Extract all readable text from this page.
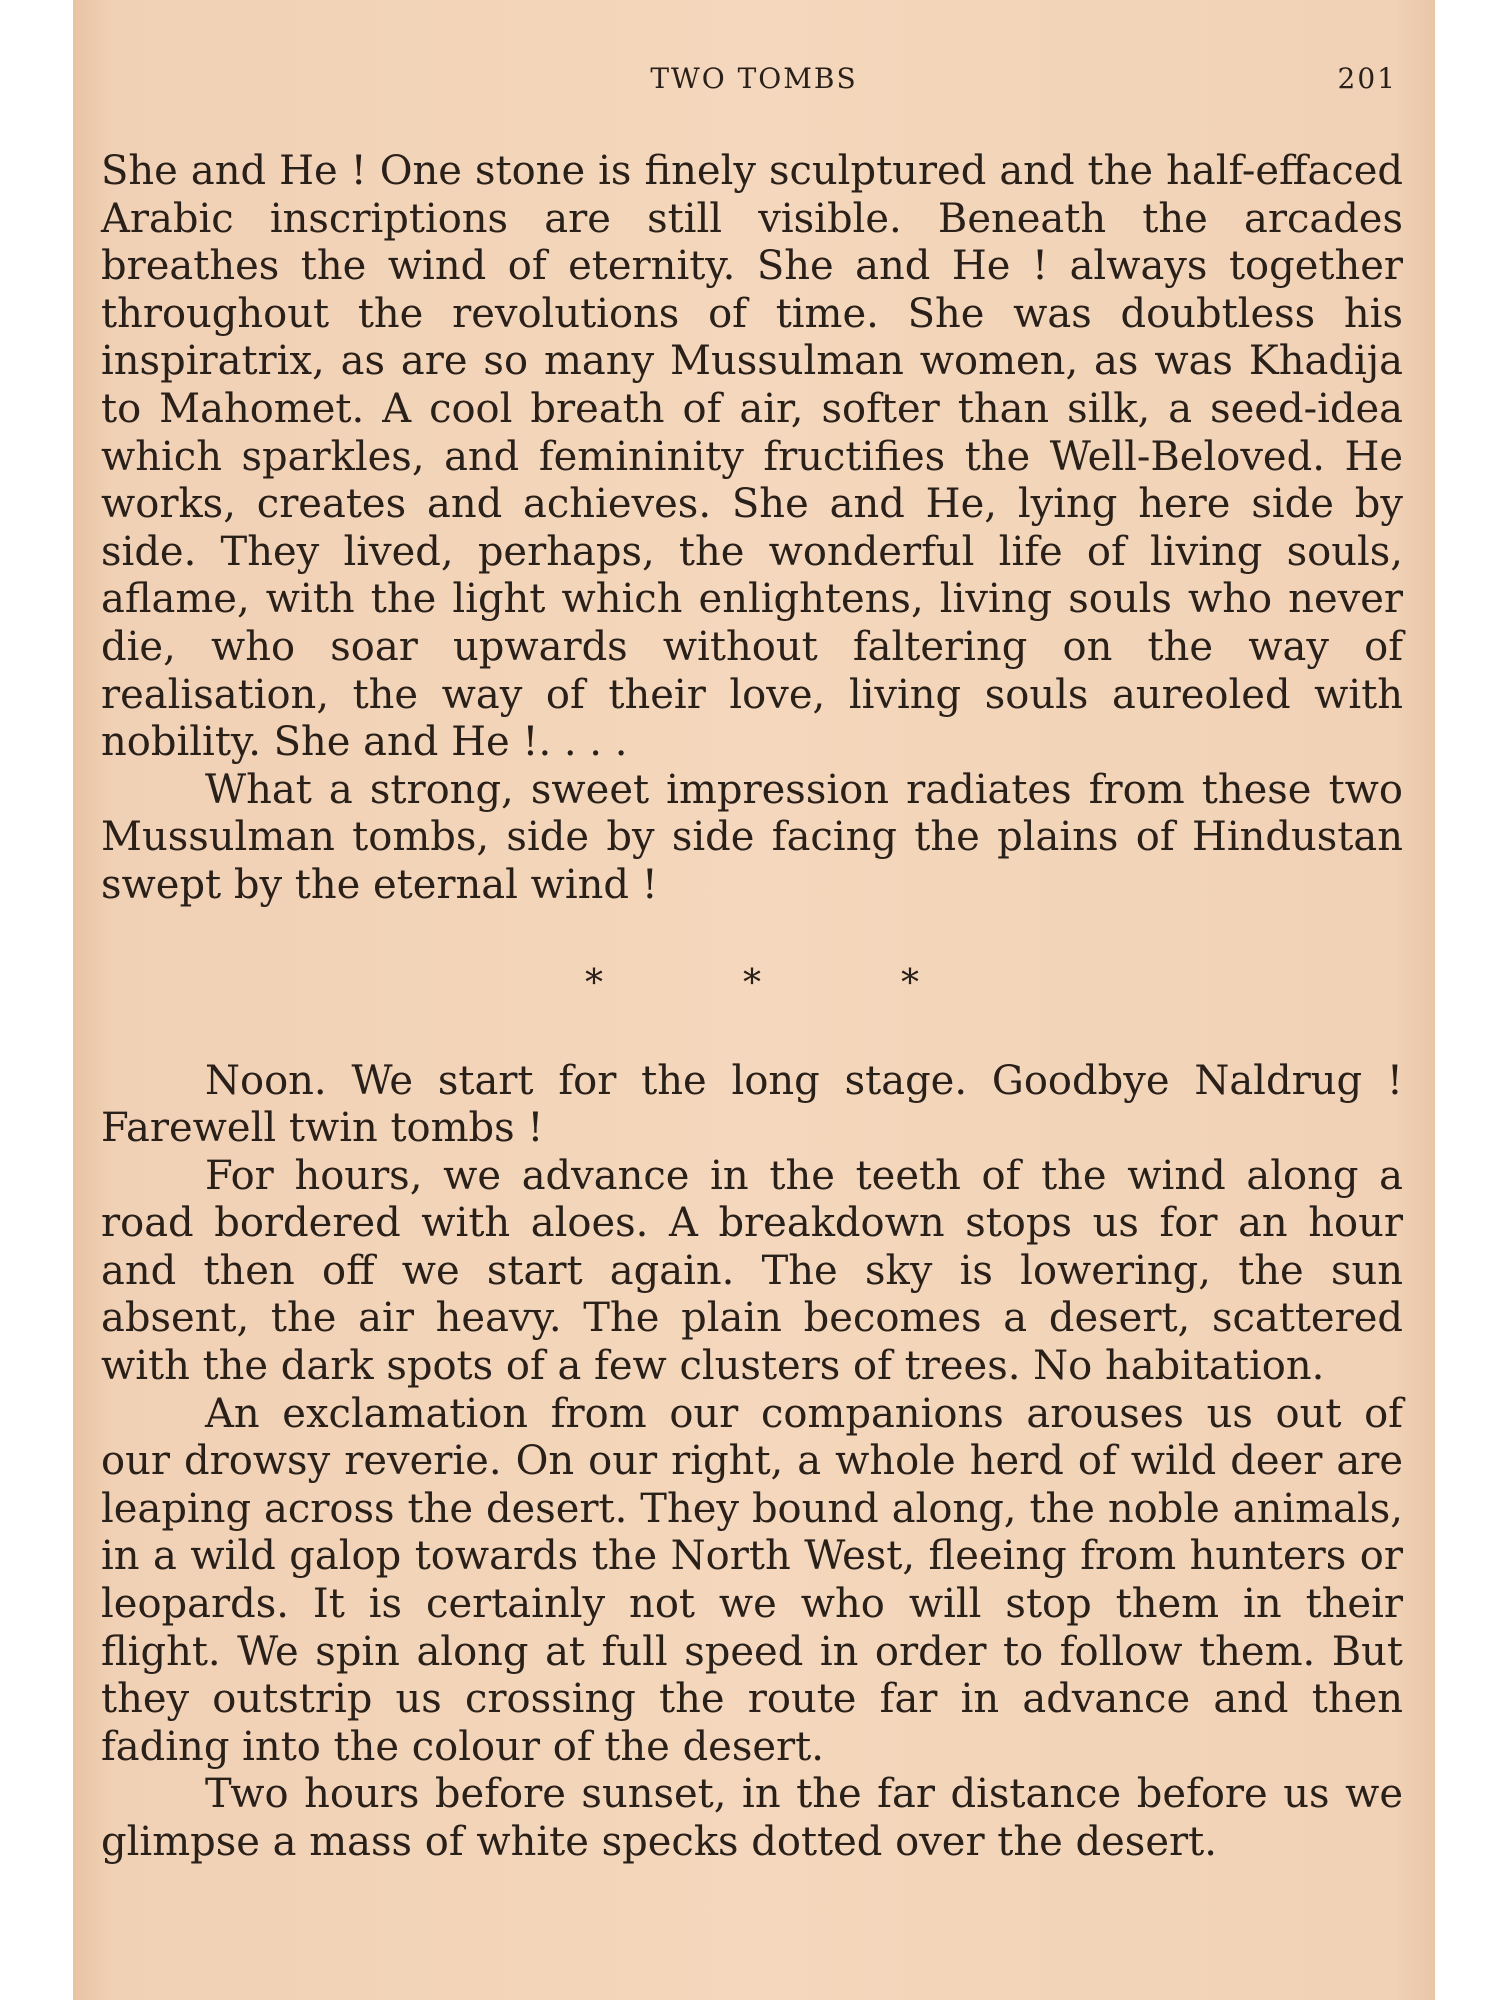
TWO TOMBS	201

She and He ! One stone is finely sculptured and the half-effaced Arabic inscriptions are still visible. Beneath the arcades breathes the wind of eternity. She and He ! always together throughout the revolutions of time. She was doubtless his inspiratrix, as are so many Mussulman women, as was Khadija to Mahomet. A cool breath of air, softer than silk, a seed-idea which sparkles, and femininity fructifies the Well-Beloved. He works, creates and achieves. She and He, lying here side by side. They lived, perhaps, the wonderful life of living souls, aflame, with the light which enlightens, living souls who never die, who soar upwards without faltering on the way of realisation, the way of their love, living souls aureoled with nobility. She and He !. . . .

What a strong, sweet impression radiates from these two Mussulman tombs, side by side facing the plains of Hindustan swept by the eternal wind !

*	*	*

Noon. We start for the long stage. Goodbye Naldrug ! Farewell twin tombs !

For hours, we advance in the teeth of the wind along a road bordered with aloes. A breakdown stops us for an hour and then off we start again. The sky is lowering, the sun absent, the air heavy. The plain becomes a desert, scattered with the dark spots of a few clusters of trees. No habitation.

An exclamation from our companions arouses us out of our drowsy reverie. On our right, a whole herd of wild deer are leaping across the desert. They bound along, the noble animals, in a wild galop towards the North West, fleeing from hunters or leopards. It is certainly not we who will stop them in their flight. We spin along at full speed in order to follow them. But they outstrip us crossing the route far in advance and then fading into the colour of the desert.

Two hours before sunset, in the far distance before us we glimpse a mass of white specks dotted over the desert.
